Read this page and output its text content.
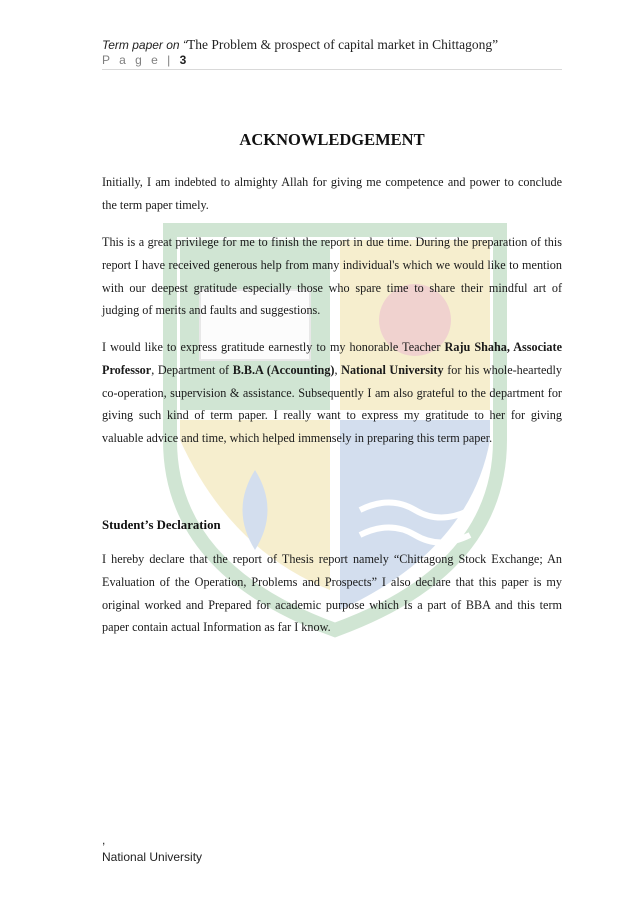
Term paper on “The Problem & prospect of capital market in Chittagong”
P a g e | 3
ACKNOWLEDGEMENT
Initially, I am indebted to almighty Allah for giving me competence and power to conclude the term paper timely.
This is a great privilege for me to finish the report in due time. During the preparation of this report I have received generous help from many individual's which we would like to mention with our deepest gratitude especially those who spare time to share their mindful art of judging of merits and faults and suggestions.
I would like to express gratitude earnestly to my honorable Teacher Raju Shaha, Associate Professor, Department of B.B.A (Accounting), National University for his whole-heartedly co-operation, supervision & assistance. Subsequently I am also grateful to the department for giving such kind of term paper. I really want to express my gratitude to her for giving valuable advice and time, which helped immensely in preparing this term paper.
Student’s Declaration
I hereby declare that the report of Thesis report namely “Chittagong Stock Exchange; An Evaluation of the Operation, Problems and Prospects” I also declare that this paper is my original worked and Prepared for academic purpose which Is a part of BBA and this term paper contain actual Information as far I know.
,
National University
